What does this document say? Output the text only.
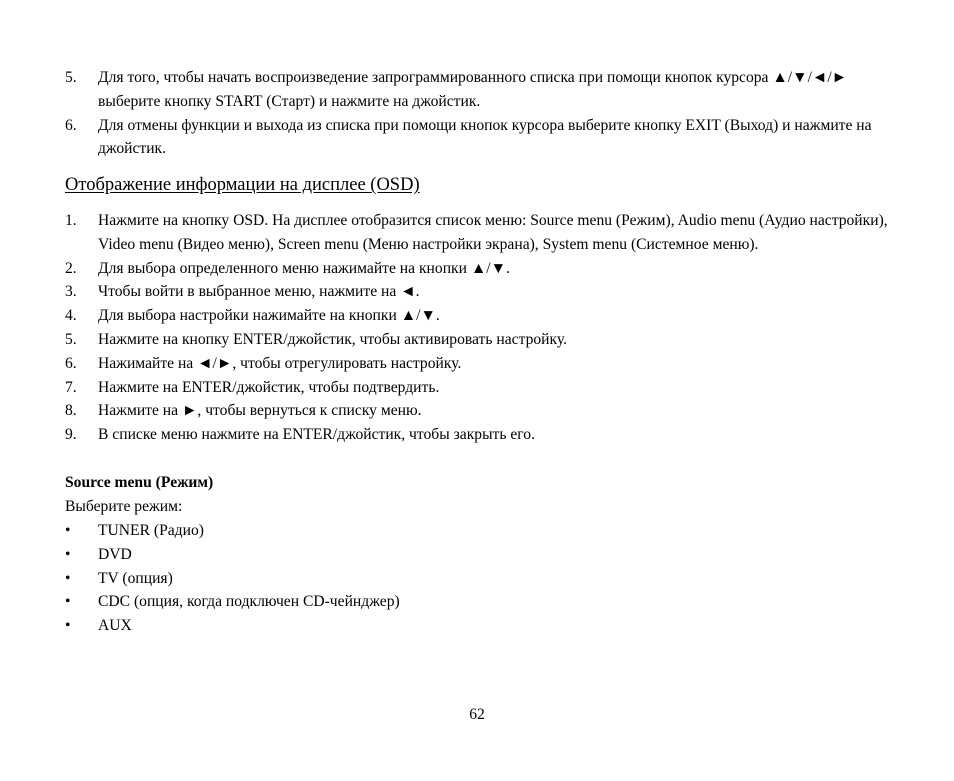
5. Для того, чтобы начать воспроизведение запрограммированного списка при помощи кнопок курсора ▲/▼/◄/► выберите кнопку START (Старт) и нажмите на джойстик.
6. Для отмены функции и выхода из списка при помощи кнопок курсора выберите кнопку EXIT (Выход) и нажмите на джойстик.
Отображение информации на дисплее (OSD)
1. Нажмите на кнопку OSD. На дисплее отобразится список меню: Source menu (Режим), Audio menu (Аудио настройки), Video menu (Видео меню), Screen menu (Меню настройки экрана), System menu (Системное меню).
2. Для выбора определенного меню нажимайте на кнопки ▲/▼.
3. Чтобы войти в выбранное меню, нажмите на ◄.
4. Для выбора настройки нажимайте на кнопки ▲/▼.
5. Нажмите на кнопку ENTER/джойстик, чтобы активировать настройку.
6. Нажимайте на ◄/►, чтобы отрегулировать настройку.
7. Нажмите на ENTER/джойстик, чтобы подтвердить.
8. Нажмите на ►, чтобы вернуться к списку меню.
9. В списке меню нажмите на ENTER/джойстик, чтобы закрыть его.
Source menu (Режим)
Выберите режим:
• TUNER (Радио)
• DVD
• TV (опция)
• CDC (опция, когда подключен CD-чейнджер)
• AUX
62
